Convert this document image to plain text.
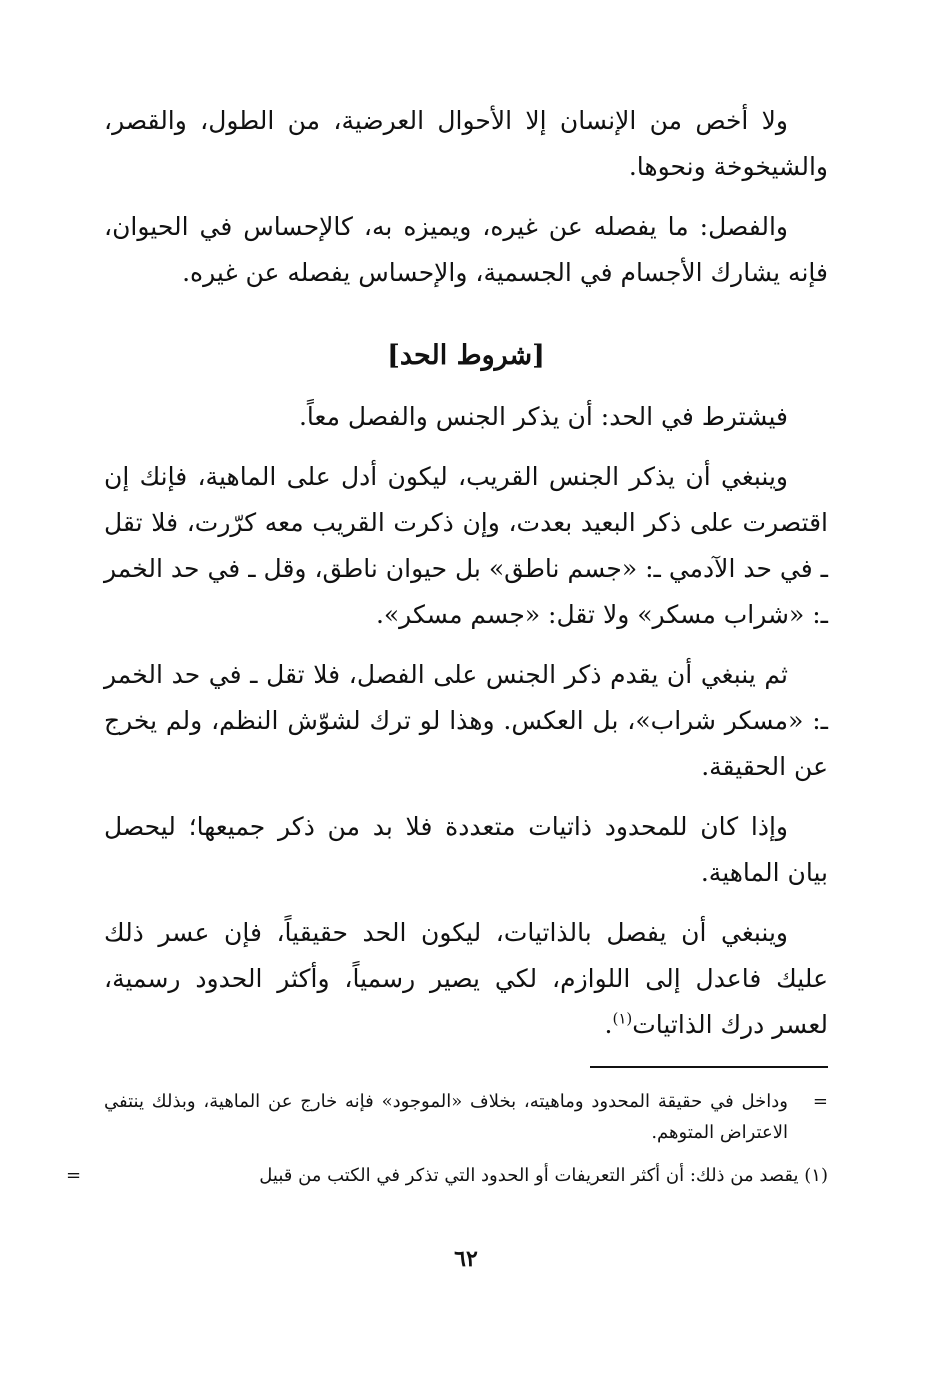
ولا أخص من الإنسان إلا الأحوال العرضية، من الطول، والقصر، والشيخوخة ونحوها.

والفصل: ما يفصله عن غيره، ويميزه به، كالإحساس في الحيوان، فإنه يشارك الأجسام في الجسمية، والإحساس يفصله عن غيره.

[شروط الحد]

فيشترط في الحد: أن يذكر الجنس والفصل معاً.

وينبغي أن يذكر الجنس القريب، ليكون أدل على الماهية، فإنك إن اقتصرت على ذكر البعيد بعدت، وإن ذكرت القريب معه كرّرت، فلا تقل ـ في حد الآدمي ـ: «جسم ناطق» بل حيوان ناطق، وقل ـ في حد الخمر ـ: «شراب مسكر» ولا تقل: «جسم مسكر».

ثم ينبغي أن يقدم ذكر الجنس على الفصل، فلا تقل ـ في حد الخمر ـ: «مسكر شراب»، بل العكس. وهذا لو ترك لشوّش النظم، ولم يخرج عن الحقيقة.

وإذا كان للمحدود ذاتيات متعددة فلا بد من ذكر جميعها؛ ليحصل بيان الماهية.

وينبغي أن يفصل بالذاتيات، ليكون الحد حقيقياً، فإن عسر ذلك عليك فاعدل إلى اللوازم، لكي يصير رسمياً، وأكثر الحدود رسمية، لعسر درك الذاتيات$^{(١)}$.

=
وداخل في حقيقة المحدود وماهيته، بخلاف «الموجود» فإنه خارج عن الماهية، وبذلك ينتفي الاعتراض المتوهم.

(١) يقصد من ذلك: أن أكثر التعريفات أو الحدود التي تذكر في الكتب من قبيل
=

٦٢
